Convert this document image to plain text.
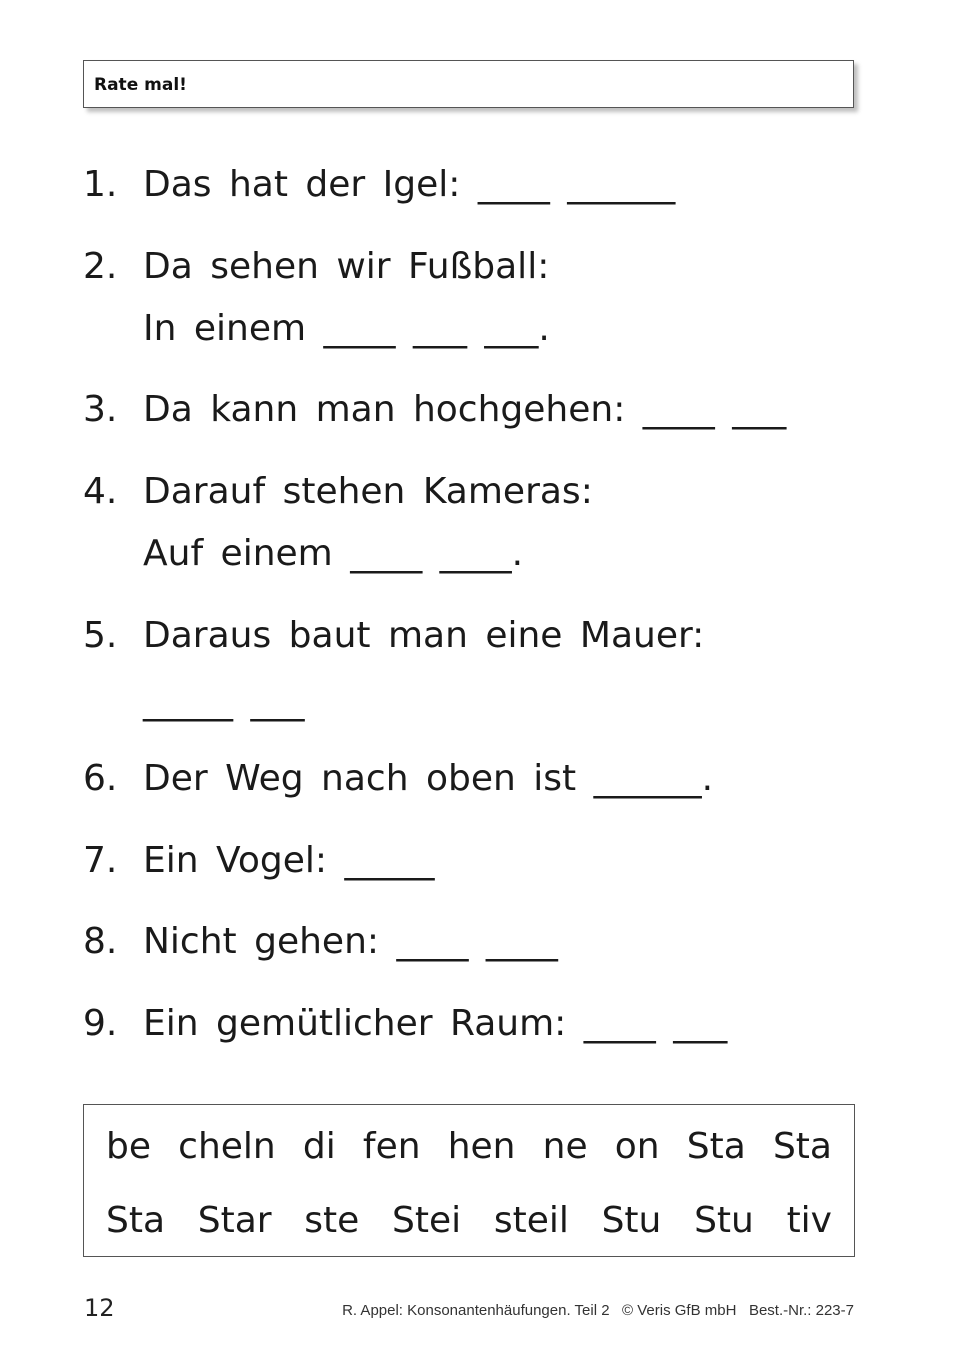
Rate mal!
1. Das hat der Igel: ____ ______
2. Da sehen wir Fußball:
In einem ____ ___ ___.
3. Da kann man hochgehen: ____ ___
4. Darauf stehen Kameras:
Auf einem ____ ____.
5. Daraus baut man eine Mauer:
_____ ___
6. Der Weg nach oben ist ______.
7. Ein Vogel: _____
8. Nicht gehen: ____ ____
9. Ein gemütlicher Raum: ____ ___
be cheln di fen hen ne on Sta Sta
Sta Star ste Stei steil Stu Stu tiv
12	R. Appel: Konsonantenhäufungen. Teil 2   © Veris GfB mbH   Best.-Nr.: 223-7
